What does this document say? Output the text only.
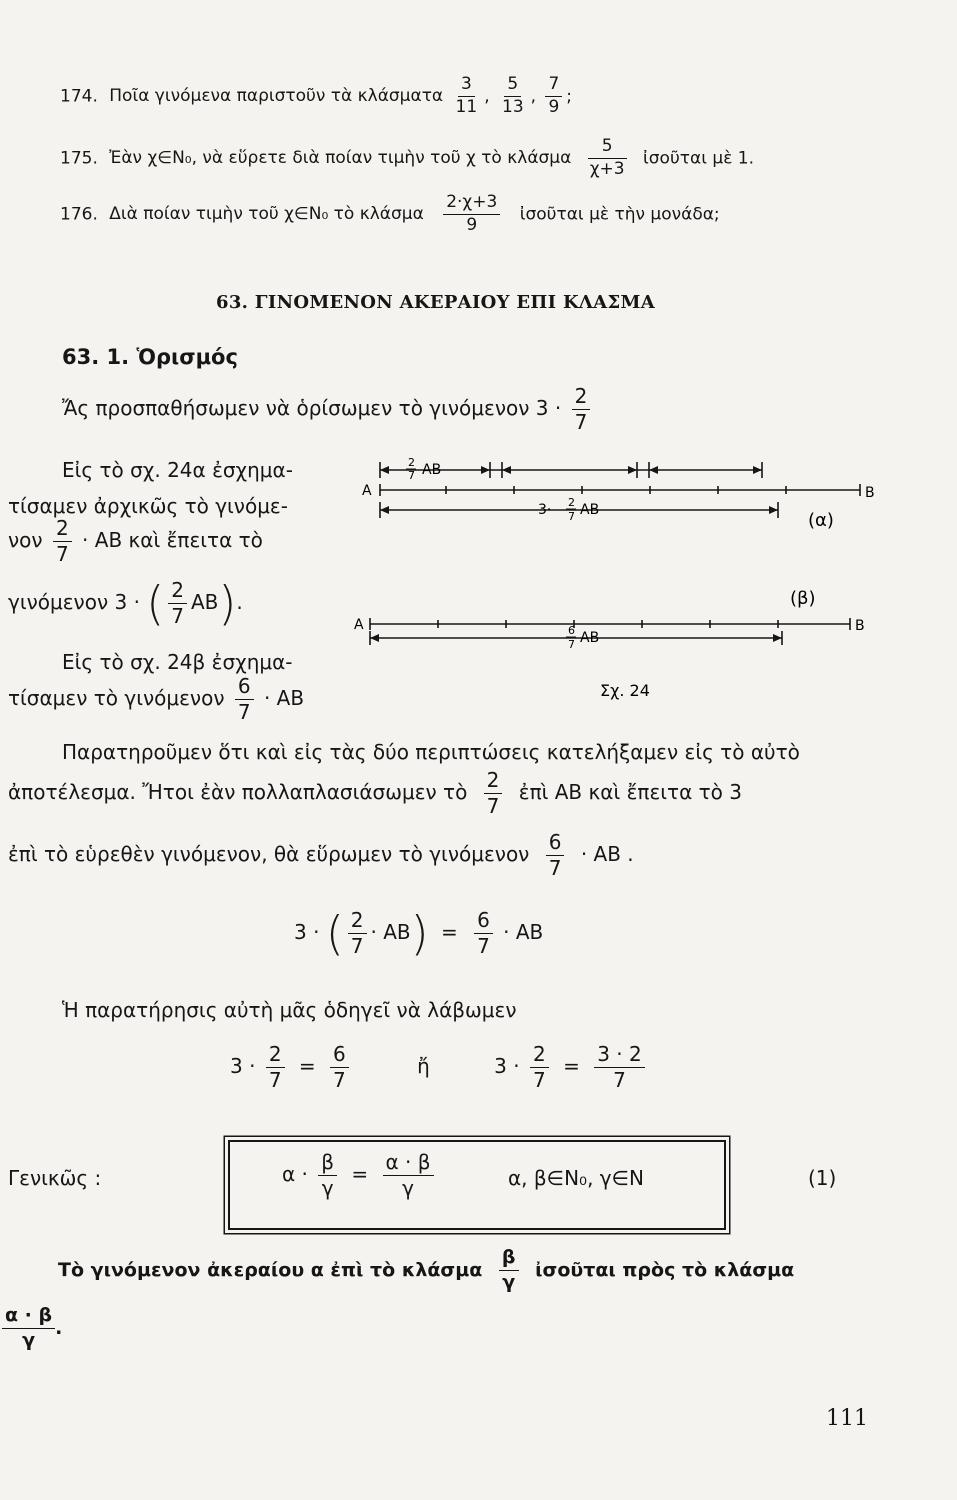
174. Ποῖα γινόμενα παριστοῦν τὰ κλάσματα $\frac{3}{11}$ , $\frac{5}{13}$ , $\frac{7}{9}$ ;
175. Ἐὰν χ∈N₀, νὰ εὕρετε διὰ ποίαν τιμὴν τοῦ χ τὸ κλάσμα $\frac{5}{\chi+3}$ ἰσοῦται μὲ 1.
176. Διὰ ποίαν τιμὴν τοῦ χ∈N₀ τὸ κλάσμα $\frac{2\cdot\chi+3}{9}$ ἰσοῦται μὲ τὴν μονάδα;
63. ΓΙΝΟΜΕΝΟΝ ΑΚΕΡΑΙΟΥ ΕΠΙ ΚΛΑΣΜΑ
63. 1. Ὁρισμός
Ἄς προσπαθήσωμεν νὰ ὁρίσωμεν τὸ γινόμενον $3 \cdot \frac{2}{7}$
Εἰς τὸ σχ. 24α ἐσχημα-
τίσαμεν ἀρχικῶς τὸ γινόμε-
νον $\frac{2}{7}$ · AB καὶ ἔπειτα τὸ
γινόμενον 3 · ( $\frac{2}{7} AB$).
Εἰς τὸ σχ. 24β ἐσχημα-
τίσαμεν τὸ γινόμενον $\frac{6}{7}$ · AB
2
7 AB
A	B
3· 2
7 AB	(α)
(β)
A	B
6
7 AB
Σχ. 24
Παρατηροῦμεν ὅτι καὶ εἰς τὰς δύο περιπτώσεις κατελήξαμεν εἰς τὸ αὐτὸ
ἀποτέλεσμα. Ἤτοι ἐὰν πολλαπλασιάσωμεν τὸ $\frac{2}{7}$ ἐπὶ AB καὶ ἔπειτα τὸ 3
ἐπὶ τὸ εὑρεθὲν γινόμενον, θὰ εὕρωμεν τὸ γινόμενον $\frac{6}{7}$ · AB .
3 · ( $\frac{2}{7} \cdot AB) = \frac{6}{7}$ · AB
Ἡ παρατήρησις αὐτὴ μᾶς ὁδηγεῖ νὰ λάβωμεν
$3 \cdot \frac{2}{7} = \frac{6}{7}$	ἤ	$3 \cdot \frac{2}{7} = \frac{3 \cdot 2}{7}$
Γενικῶς :	$\alpha \cdot \frac{\beta}{\gamma} = \frac{\alpha \cdot \beta}{\gamma}$	α, β∈N₀, γ∈N	(1)
Τὸ γινόμενον ἀκεραίου α ἐπὶ τὸ κλάσμα $\frac{\beta}{\gamma}$ ἰσοῦται πρὸς τὸ κλάσμα
$\frac{\alpha \cdot \beta}{\gamma}$ .
111
